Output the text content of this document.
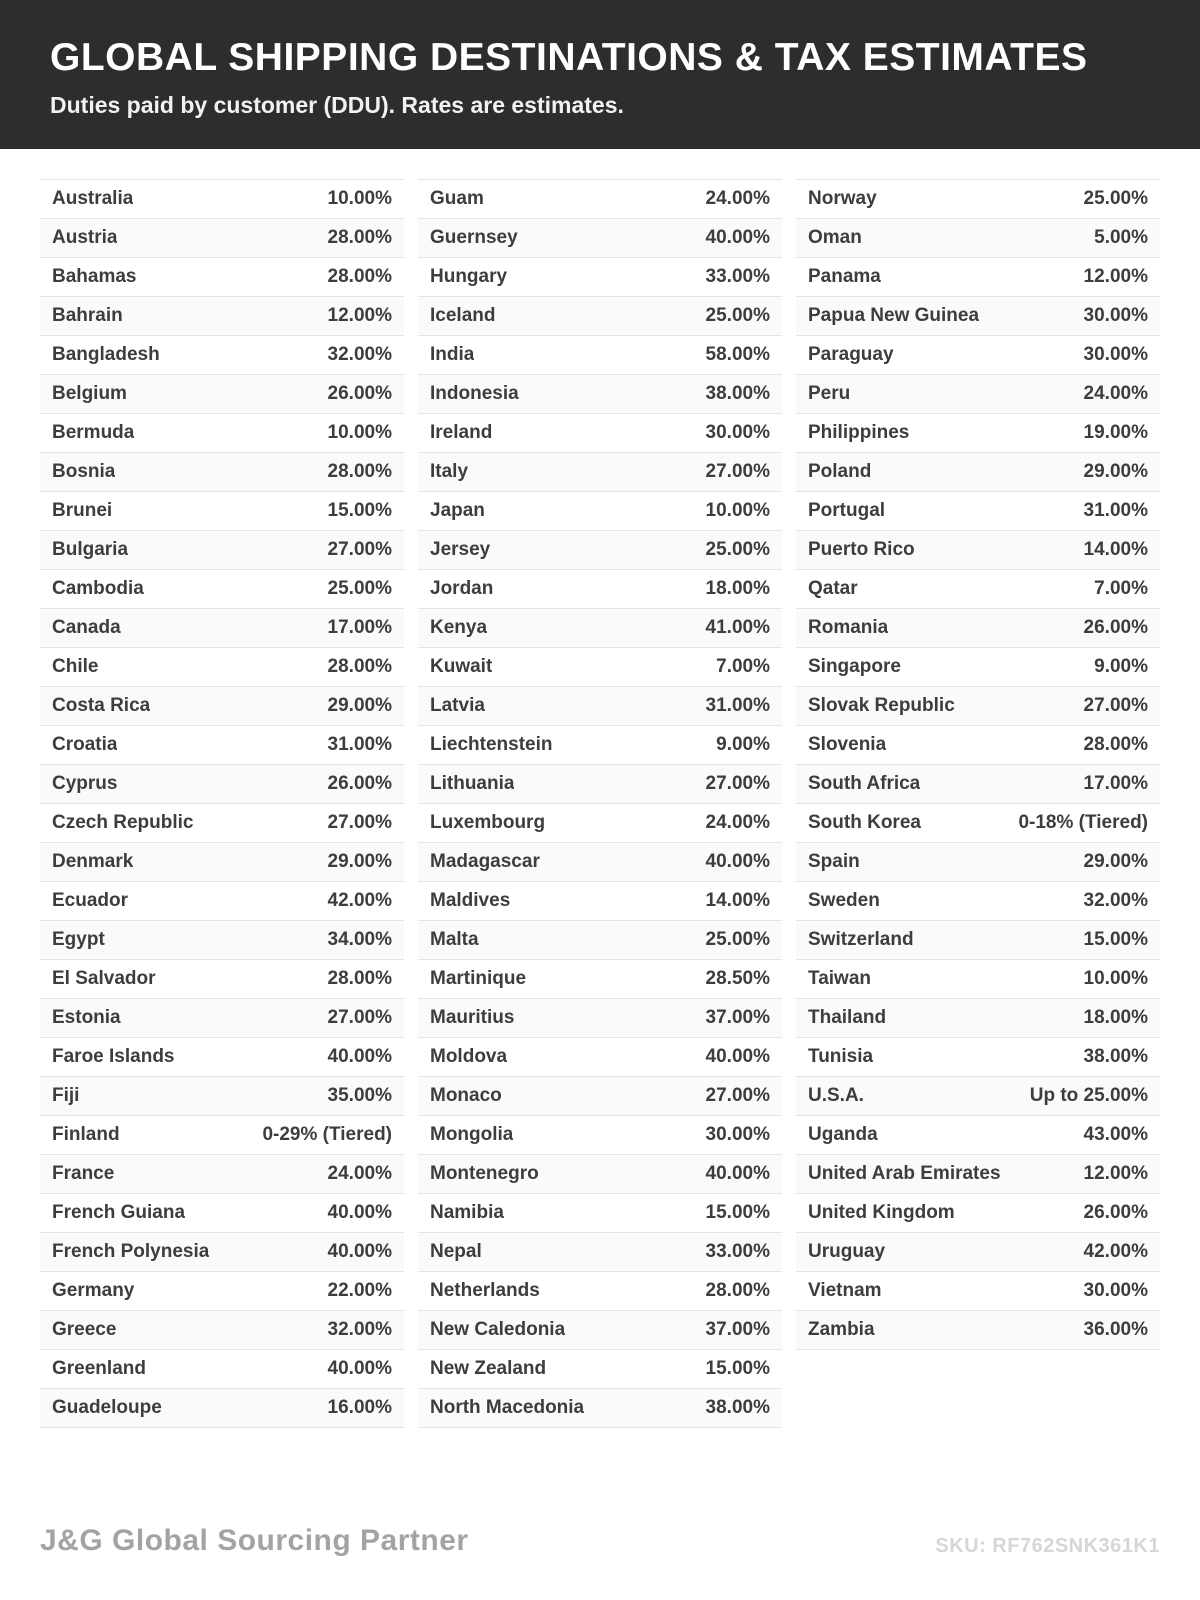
GLOBAL SHIPPING DESTINATIONS & TAX ESTIMATES
Duties paid by customer (DDU). Rates are estimates.
Australia	10.00%
Austria	28.00%
Bahamas	28.00%
Bahrain	12.00%
Bangladesh	32.00%
Belgium	26.00%
Bermuda	10.00%
Bosnia	28.00%
Brunei	15.00%
Bulgaria	27.00%
Cambodia	25.00%
Canada	17.00%
Chile	28.00%
Costa Rica	29.00%
Croatia	31.00%
Cyprus	26.00%
Czech Republic	27.00%
Denmark	29.00%
Ecuador	42.00%
Egypt	34.00%
El Salvador	28.00%
Estonia	27.00%
Faroe Islands	40.00%
Fiji	35.00%
Finland	0-29% (Tiered)
France	24.00%
French Guiana	40.00%
French Polynesia	40.00%
Germany	22.00%
Greece	32.00%
Greenland	40.00%
Guadeloupe	16.00%
Guam	24.00%
Guernsey	40.00%
Hungary	33.00%
Iceland	25.00%
India	58.00%
Indonesia	38.00%
Ireland	30.00%
Italy	27.00%
Japan	10.00%
Jersey	25.00%
Jordan	18.00%
Kenya	41.00%
Kuwait	7.00%
Latvia	31.00%
Liechtenstein	9.00%
Lithuania	27.00%
Luxembourg	24.00%
Madagascar	40.00%
Maldives	14.00%
Malta	25.00%
Martinique	28.50%
Mauritius	37.00%
Moldova	40.00%
Monaco	27.00%
Mongolia	30.00%
Montenegro	40.00%
Namibia	15.00%
Nepal	33.00%
Netherlands	28.00%
New Caledonia	37.00%
New Zealand	15.00%
North Macedonia	38.00%
Norway	25.00%
Oman	5.00%
Panama	12.00%
Papua New Guinea	30.00%
Paraguay	30.00%
Peru	24.00%
Philippines	19.00%
Poland	29.00%
Portugal	31.00%
Puerto Rico	14.00%
Qatar	7.00%
Romania	26.00%
Singapore	9.00%
Slovak Republic	27.00%
Slovenia	28.00%
South Africa	17.00%
South Korea	0-18% (Tiered)
Spain	29.00%
Sweden	32.00%
Switzerland	15.00%
Taiwan	10.00%
Thailand	18.00%
Tunisia	38.00%
U.S.A.	Up to 25.00%
Uganda	43.00%
United Arab Emirates	12.00%
United Kingdom	26.00%
Uruguay	42.00%
Vietnam	30.00%
Zambia	36.00%
J&G Global Sourcing Partner	SKU: RF762SNK361K1
